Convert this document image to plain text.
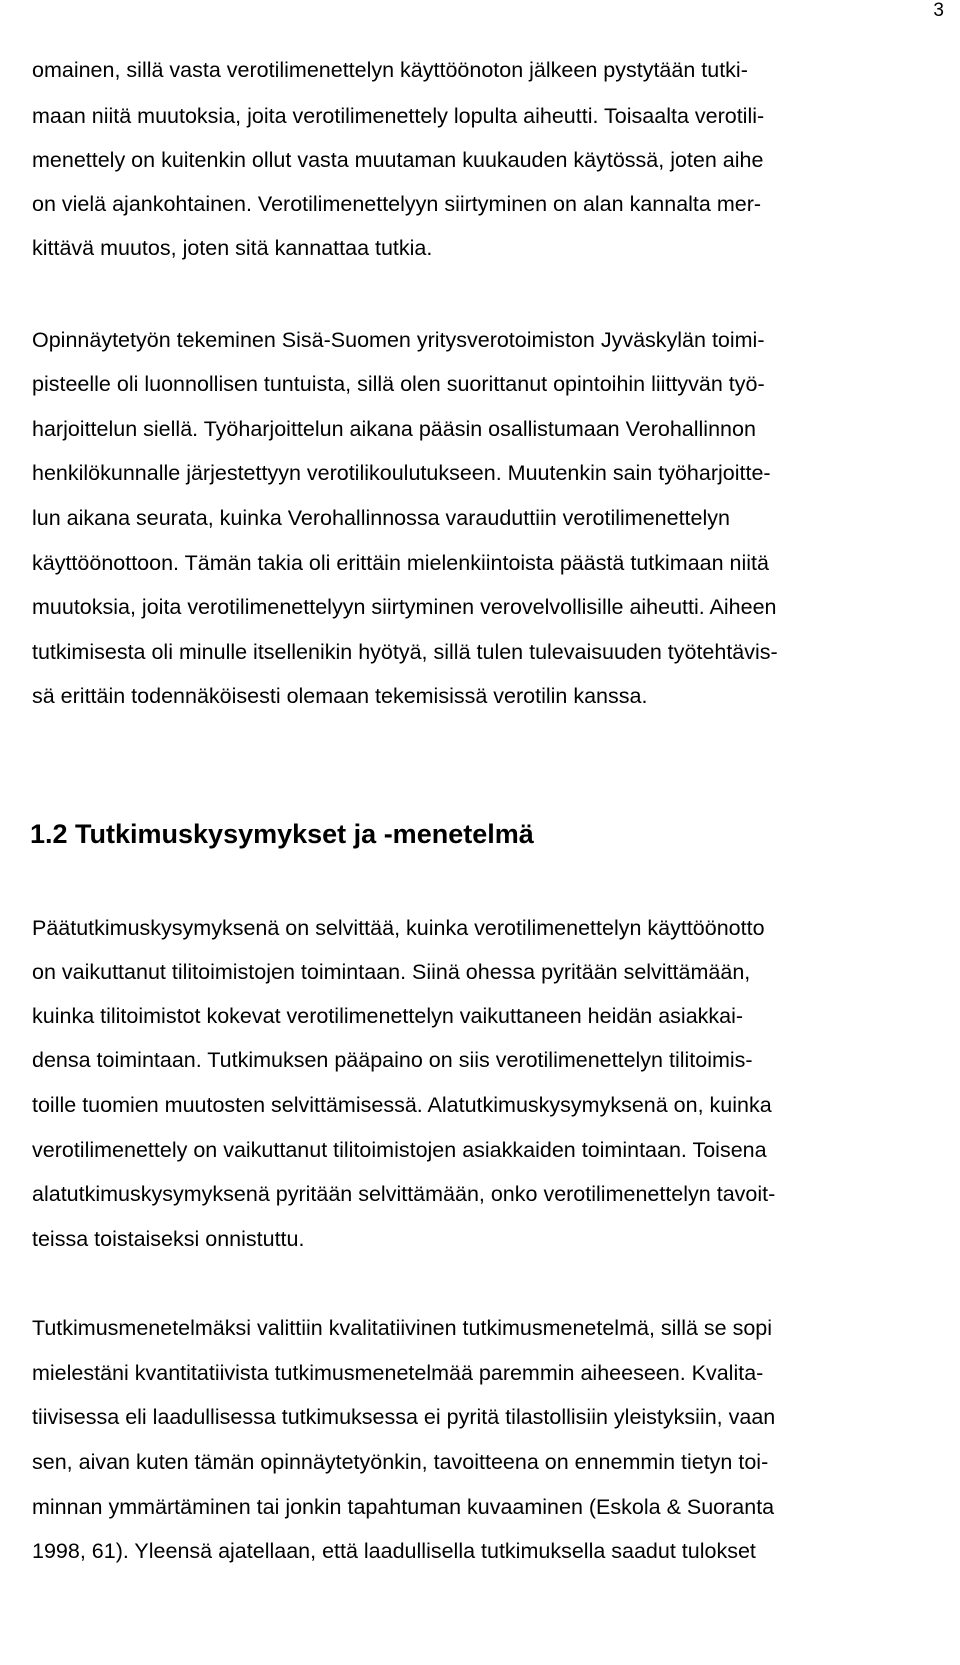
3
omainen, sillä vasta verotilimenettelyn käyttöönoton jälkeen pystytään tutki-
maan niitä muutoksia, joita verotilimenettely lopulta aiheutti. Toisaalta verotili-
menettely on kuitenkin ollut vasta muutaman kuukauden käytössä, joten aihe
on vielä ajankohtainen. Verotilimenettelyyn siirtyminen on alan kannalta mer-
kittävä muutos, joten sitä kannattaa tutkia.
Opinnäytetyön tekeminen Sisä-Suomen yritysverotoimiston Jyväskylän toimi-
pisteelle oli luonnollisen tuntuista, sillä olen suorittanut opintoihin liittyvän työ-
harjoittelun siellä. Työharjoittelun aikana pääsin osallistumaan Verohallinnon
henkilökunnalle järjestettyyn verotilikoulutukseen. Muutenkin sain työharjoitte-
lun aikana seurata, kuinka Verohallinnossa varauduttiin verotilimenettelyn
käyttöönottoon. Tämän takia oli erittäin mielenkiintoista päästä tutkimaan niitä
muutoksia, joita verotilimenettelyyn siirtyminen verovelvollisille aiheutti. Aiheen
tutkimisesta oli minulle itsellenikin hyötyä, sillä tulen tulevaisuuden työtehtävis-
sä erittäin todennäköisesti olemaan tekemisissä verotilin kanssa.
1.2 Tutkimuskysymykset ja -menetelmä
Päätutkimuskysymyksenä on selvittää, kuinka verotilimenettelyn käyttöönotto
on vaikuttanut tilitoimistojen toimintaan. Siinä ohessa pyritään selvittämään,
kuinka tilitoimistot kokevat verotilimenettelyn vaikuttaneen heidän asiakkai-
densa toimintaan. Tutkimuksen pääpaino on siis verotilimenettelyn tilitoimis-
toille tuomien muutosten selvittämisessä. Alatutkimuskysymyksenä on, kuinka
verotilimenettely on vaikuttanut tilitoimistojen asiakkaiden toimintaan. Toisena
alatutkimuskysymyksenä pyritään selvittämään, onko verotilimenettelyn tavoit-
teissa toistaiseksi onnistuttu.
Tutkimusmenetelmäksi valittiin kvalitatiivinen tutkimusmenetelmä, sillä se sopi
mielestäni kvantitatiivista tutkimusmenetelmää paremmin aiheeseen. Kvalita-
tiivisessa eli laadullisessa tutkimuksessa ei pyritä tilastollisiin yleistyksiin, vaan
sen, aivan kuten tämän opinnäytetyönkin, tavoitteena on ennemmin tietyn toi-
minnan ymmärtäminen tai jonkin tapahtuman kuvaaminen (Eskola & Suoranta
1998, 61). Yleensä ajatellaan, että laadullisella tutkimuksella saadut tulokset
